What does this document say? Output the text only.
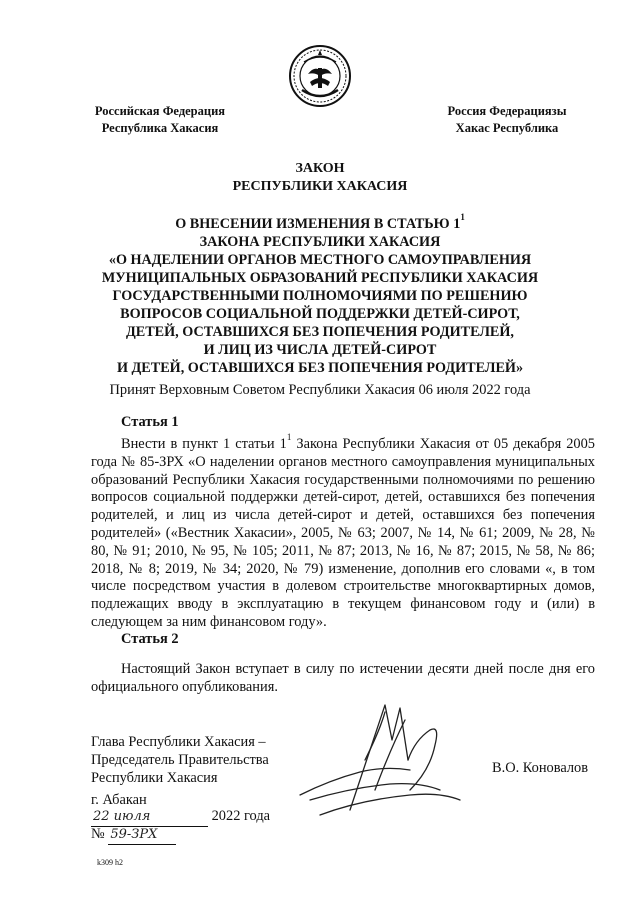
Российская Федерация
Республика Хакасия
Россия Федерациязы
Хакас Республика
ЗАКОН
РЕСПУБЛИКИ ХАКАСИЯ
О ВНЕСЕНИИ ИЗМЕНЕНИЯ В СТАТЬЮ $1^1$
ЗАКОНА РЕСПУБЛИКИ ХАКАСИЯ
«О НАДЕЛЕНИИ ОРГАНОВ МЕСТНОГО САМОУПРАВЛЕНИЯ
МУНИЦИПАЛЬНЫХ ОБРАЗОВАНИЙ РЕСПУБЛИКИ ХАКАСИЯ
ГОСУДАРСТВЕННЫМИ ПОЛНОМОЧИЯМИ ПО РЕШЕНИЮ
ВОПРОСОВ СОЦИАЛЬНОЙ ПОДДЕРЖКИ ДЕТЕЙ-СИРОТ,
ДЕТЕЙ, ОСТАВШИХСЯ БЕЗ ПОПЕЧЕНИЯ РОДИТЕЛЕЙ,
И ЛИЦ ИЗ ЧИСЛА ДЕТЕЙ-СИРОТ
И ДЕТЕЙ, ОСТАВШИХСЯ БЕЗ ПОПЕЧЕНИЯ РОДИТЕЛЕЙ»
Принят Верховным Советом Республики Хакасия 06 июля 2022 года
Статья 1
Внести в пункт 1 статьи $1^1$ Закона Республики Хакасия от 05 декабря 2005 года № 85-ЗРХ «О наделении органов местного самоуправления муниципальных образований Республики Хакасия государственными полномочиями по решению вопросов социальной поддержки детей-сирот, детей, оставшихся без попечения родителей, и лиц из числа детей-сирот и детей, оставшихся без попечения родителей» («Вестник Хакасии», 2005, № 63; 2007, № 14, № 61; 2009, № 28, № 80, № 91; 2010, № 95, № 105; 2011, № 87; 2013, № 16, № 87; 2015, № 58, № 86; 2018, № 8; 2019, № 34; 2020, № 79) изменение, дополнив его словами «, в том числе посредством участия в долевом строительстве многоквартирных домов, подлежащих вводу в эксплуатацию в текущем финансовом году и (или) в следующем за ним финансовом году».
Статья 2
Настоящий Закон вступает в силу по истечении десяти дней после дня его официального опубликования.
Глава Республики Хакасия –
Председатель Правительства
Республики Хакасия
В.О. Коновалов
г. Абакан
22 июля	2022 года
№ 59-ЗРХ
k309 h2
